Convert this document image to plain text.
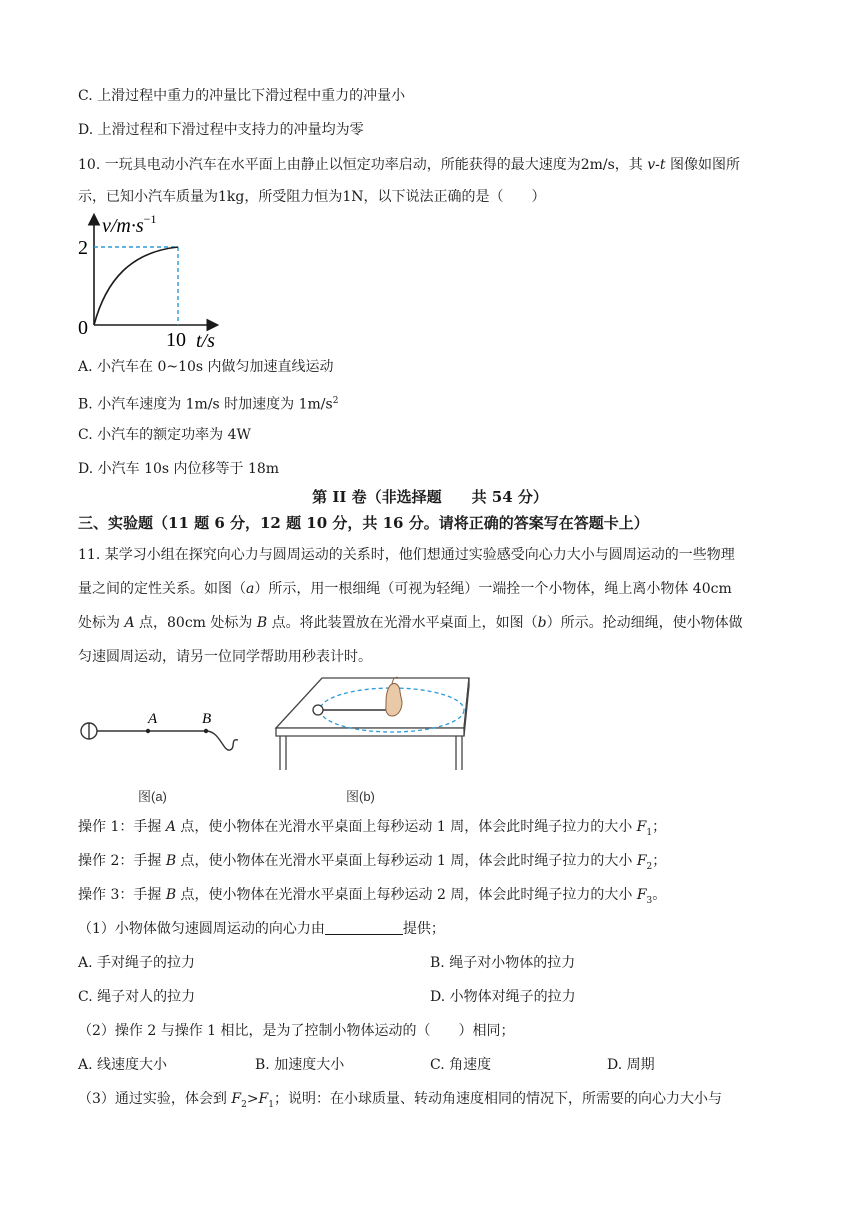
C. 上滑过程中重力的冲量比下滑过程中重力的冲量小
D. 上滑过程和下滑过程中支持力的冲量均为零
10. 一玩具电动小汽车在水平面上由静止以恒定功率启动，所能获得的最大速度为2m/s，其 v-t 图像如图所
示，已知小汽车质量为1kg，所受阻力恒为1N，以下说法正确的是（　　）
$v/m\cdot s^{-1}$
2
0
10 t/s
A. 小汽车在 0~10s 内做匀加速直线运动
B. 小汽车速度为 1m/s 时加速度为 $1m/s^2$
C. 小汽车的额定功率为 4W
D. 小汽车 10s 内位移等于 18m
第 II 卷（非选择题　　共 54 分）
三、实验题（11 题 6 分，12 题 10 分，共 16 分。请将正确的答案写在答题卡上）
11. 某学习小组在探究向心力与圆周运动的关系时，他们想通过实验感受向心力大小与圆周运动的一些物理
量之间的定性关系。如图（a）所示，用一根细绳（可视为轻绳）一端拴一个小物体，绳上离小物体 40cm
处标为 A 点，80cm 处标为 B 点。将此装置放在光滑水平桌面上，如图（b）所示。抡动细绳，使小物体做
匀速圆周运动，请另一位同学帮助用秒表计时。
A	B
图(a)	图(b)
操作 1：手握 A 点，使小物体在光滑水平桌面上每秒运动 1 周，体会此时绳子拉力的大小 $F_1$；
操作 2：手握 B 点，使小物体在光滑水平桌面上每秒运动 1 周，体会此时绳子拉力的大小 $F_2$；
操作 3：手握 B 点，使小物体在光滑水平桌面上每秒运动 2 周，体会此时绳子拉力的大小 $F_3$。
（1）小物体做匀速圆周运动的向心力由	提供；
A. 手对绳子的拉力	B. 绳子对小物体的拉力
C. 绳子对人的拉力	D. 小物体对绳子的拉力
（2）操作 2 与操作 1 相比，是为了控制小物体运动的（　　）相同；
A. 线速度大小	B. 加速度大小	C. 角速度	D. 周期
（3）通过实验，体会到 $F_2>F_1$；说明：在小球质量、转动角速度相同的情况下，所需要的向心力大小与
